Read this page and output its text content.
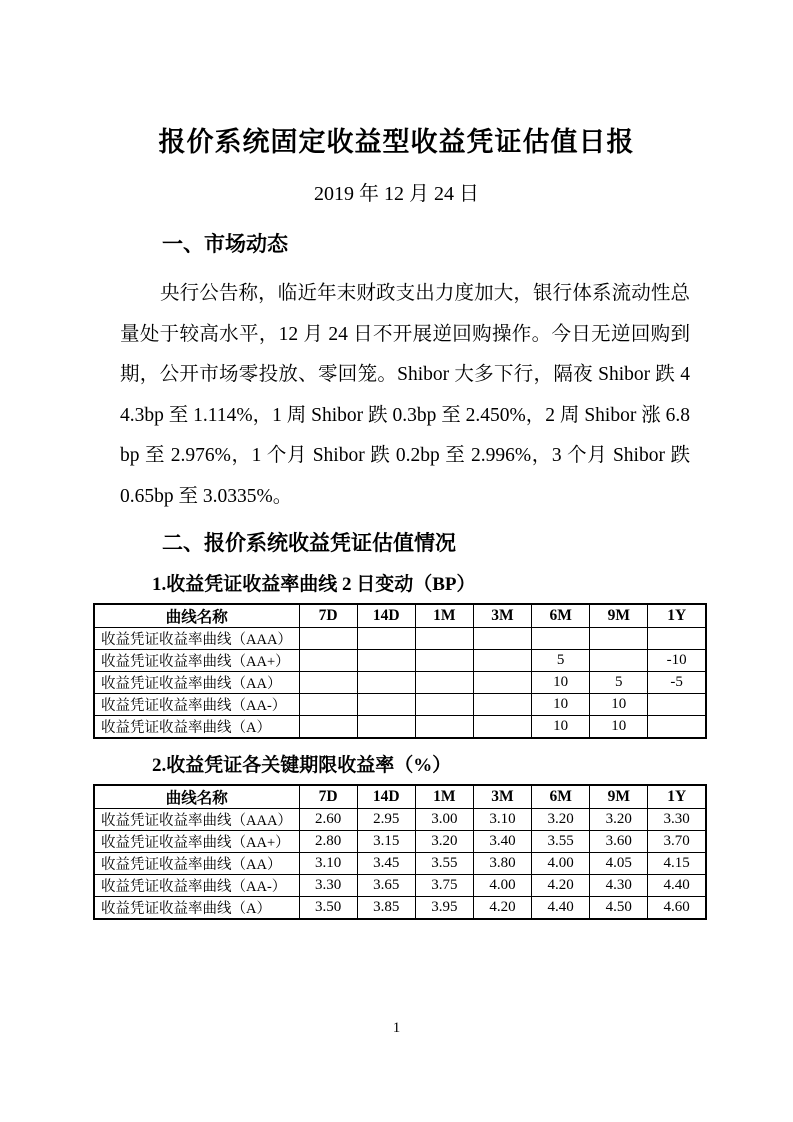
报价系统固定收益型收益凭证估值日报
2019 年 12 月 24 日
一、市场动态
央行公告称，临近年末财政支出力度加大，银行体系流动性总量处于较高水平，12 月 24 日不开展逆回购操作。今日无逆回购到期，公开市场零投放、零回笼。Shibor 大多下行，隔夜 Shibor 跌 44.3bp 至 1.114%，1 周 Shibor 跌 0.3bp 至 2.450%，2 周 Shibor 涨 6.8bp 至 2.976%，1 个月 Shibor 跌 0.2bp 至 2.996%，3 个月 Shibor 跌 0.65bp 至 3.0335%。
二、报价系统收益凭证估值情况
1.收益凭证收益率曲线 2 日变动（BP）
曲线名称	7D	14D	1M	3M	6M	9M	1Y
收益凭证收益率曲线（AAA）							
收益凭证收益率曲线（AA+）					5		-10
收益凭证收益率曲线（AA）					10	5	-5
收益凭证收益率曲线（AA-）					10	10	
收益凭证收益率曲线（A）					10	10	
2.收益凭证各关键期限收益率（%）
曲线名称	7D	14D	1M	3M	6M	9M	1Y
收益凭证收益率曲线（AAA）	2.60	2.95	3.00	3.10	3.20	3.20	3.30
收益凭证收益率曲线（AA+）	2.80	3.15	3.20	3.40	3.55	3.60	3.70
收益凭证收益率曲线（AA）	3.10	3.45	3.55	3.80	4.00	4.05	4.15
收益凭证收益率曲线（AA-）	3.30	3.65	3.75	4.00	4.20	4.30	4.40
收益凭证收益率曲线（A）	3.50	3.85	3.95	4.20	4.40	4.50	4.60
1
